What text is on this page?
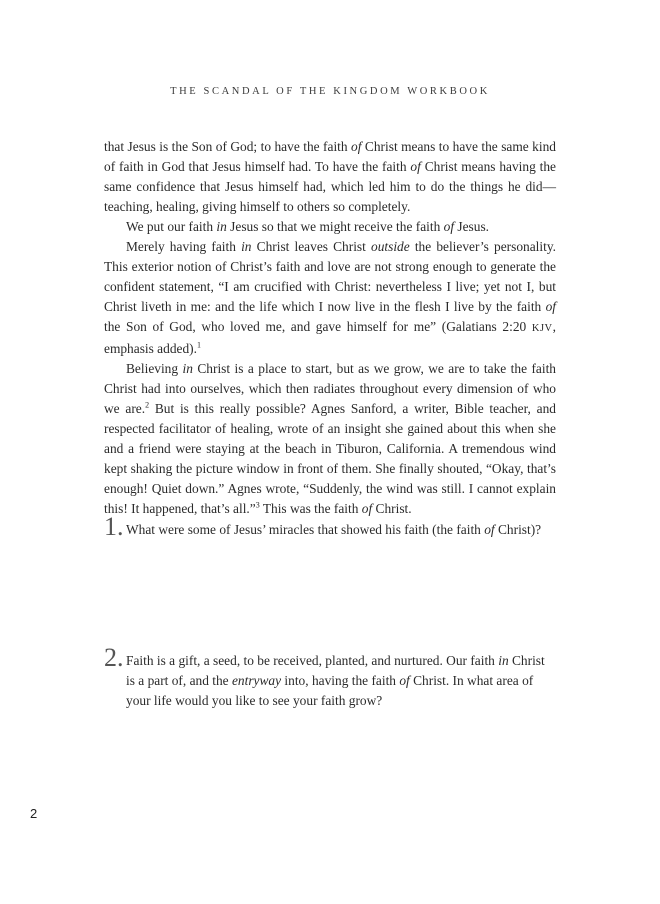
THE SCANDAL OF THE KINGDOM WORKBOOK

that Jesus is the Son of God; to have the faith of Christ means to have the same kind of faith in God that Jesus himself had. To have the faith of Christ means having the same confidence that Jesus himself had, which led him to do the things he did—teaching, healing, giving himself to others so completely.

We put our faith in Jesus so that we might receive the faith of Jesus.

Merely having faith in Christ leaves Christ outside the believer’s personality. This exterior notion of Christ’s faith and love are not strong enough to generate the confident statement, “I am crucified with Christ: nevertheless I live; yet not I, but Christ liveth in me: and the life which I now live in the flesh I live by the faith of the Son of God, who loved me, and gave himself for me” (Galatians 2:20 KJV, emphasis added).$^1$

Believing in Christ is a place to start, but as we grow, we are to take the faith Christ had into ourselves, which then radiates throughout every dimension of who we are.$^2$ But is this really possible? Agnes Sanford, a writer, Bible teacher, and respected facilitator of healing, wrote of an insight she gained about this when she and a friend were staying at the beach in Tiburon, California. A tremendous wind kept shaking the picture window in front of them. She finally shouted, “Okay, that’s enough! Quiet down.” Agnes wrote, “Suddenly, the wind was still. I cannot explain this! It happened, that’s all.”$^3$ This was the faith of Christ.

1. What were some of Jesus’ miracles that showed his faith (the faith of Christ)?
2. Faith is a gift, a seed, to be received, planted, and nurtured. Our faith in Christ is a part of, and the entryway into, having the faith of Christ. In what area of your life would you like to see your faith grow?
2
